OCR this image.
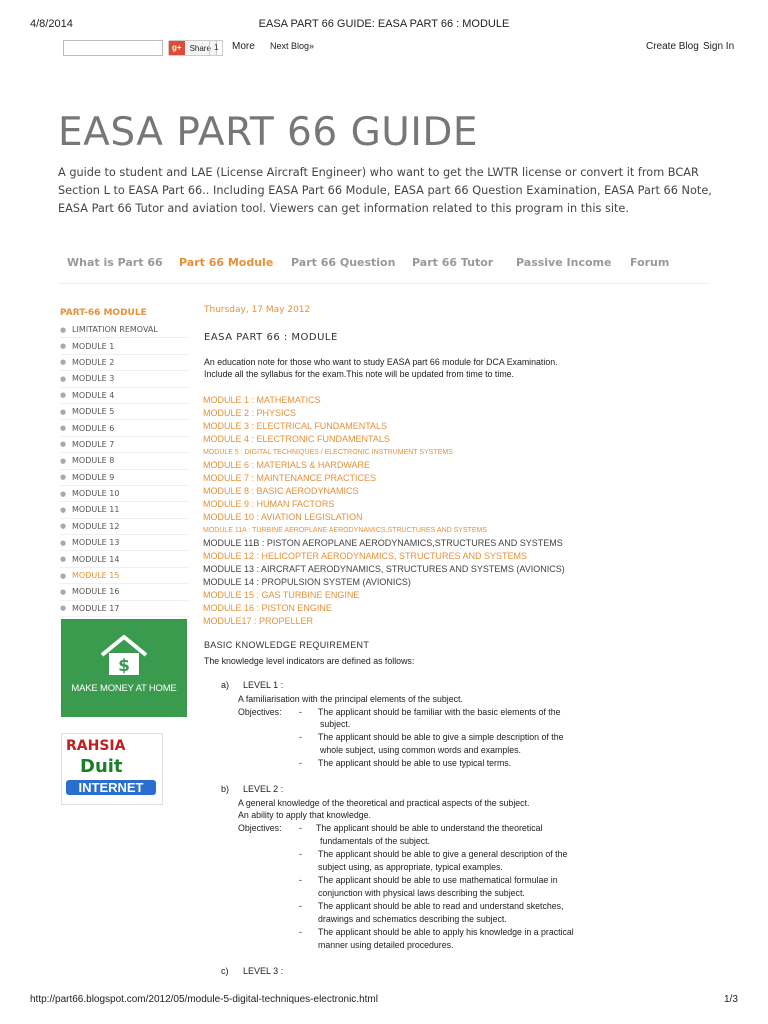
4/8/2014	EASA PART 66 GUIDE: EASA PART 66 : MODULE
g+	Share 1	More Next Blog»	Create Blog Sign In
EASA PART 66 GUIDE
A guide to student and LAE (License Aircraft Engineer) who want to get the LWTR license or convert it from BCAR Section L to EASA Part 66.. Including EASA Part 66 Module, EASA part 66 Question Examination, EASA Part 66 Note, EASA Part 66 Tutor and aviation tool. Viewers can get information related to this program in this site.
What is Part 66 Part 66 Module Part 66 Question Part 66 Tutor Passive Income Forum
PART-66 MODULE
● LIMITATION REMOVAL
● MODULE 1
● MODULE 2
● MODULE 3
● MODULE 4
● MODULE 5
● MODULE 6
● MODULE 7
● MODULE 8
● MODULE 9
● MODULE 10
● MODULE 11
● MODULE 12
● MODULE 13
● MODULE 14
● MODULE 15
● MODULE 16
● MODULE 17
$
MAKE MONEY AT HOME
RAHSIA
Duit
INTERNET
Thursday, 17 May 2012
EASA PART 66 : MODULE
An education note for those who want to study EASA part 66 module for DCA Examination.
Include all the syllabus for the exam.This note will be updated from time to time.
MODULE 1 : MATHEMATICS
MODULE 2 : PHYSICS
MODULE 3 : ELECTRICAL FUNDAMENTALS
MODULE 4 : ELECTRONIC FUNDAMENTALS
MODULE 5 : DIGITAL TECHNIQUES / ELECTRONIC INSTRUMENT SYSTEMS
MODULE 6 : MATERIALS & HARDWARE
MODULE 7 : MAINTENANCE PRACTICES
MODULE 8 : BASIC AERODYNAMICS
MODULE 9 : HUMAN FACTORS
MODULE 10 : AVIATION LEGISLATION
MODULE 11A : TURBINE AEROPLANE AERODYNAMICS,STRUCTURES AND SYSTEMS
MODULE 11B : PISTON AEROPLANE AERODYNAMICS,STRUCTURES AND SYSTEMS
MODULE 12 : HELICOPTER AERODYNAMICS, STRUCTURES AND SYSTEMS
MODULE 13 : AIRCRAFT AERODYNAMICS, STRUCTURES AND SYSTEMS (AVIONICS)
MODULE 14 : PROPULSION SYSTEM (AVIONICS)
MODULE 15 : GAS TURBINE ENGINE
MODULE 16 : PISTON ENGINE
MODULE17 : PROPELLER
BASIC KNOWLEDGE REQUIREMENT
The knowledge level indicators are defined as follows:
a) LEVEL 1 :
A familiarisation with the principal elements of the subject.
Objectives: - The applicant should be familiar with the basic elements of the
subject.
- The applicant should be able to give a simple description of the
whole subject, using common words and examples.
- The applicant should be able to use typical terms.
b) LEVEL 2 :
A general knowledge of the theoretical and practical aspects of the subject.
An ability to apply that knowledge.
Objectives: - The applicant should be able to understand the theoretical
fundamentals of the subject.
- The applicant should be able to give a general description of the
subject using, as appropriate, typical examples.
- The applicant should be able to use mathematical formulae in
conjunction with physical laws describing the subject.
- The applicant should be able to read and understand sketches,
drawings and schematics describing the subject.
- The applicant should be able to apply his knowledge in a practical
manner using detailed procedures.
c) LEVEL 3 :
http://part66.blogspot.com/2012/05/module-5-digital-techniques-electronic.html	1/3
